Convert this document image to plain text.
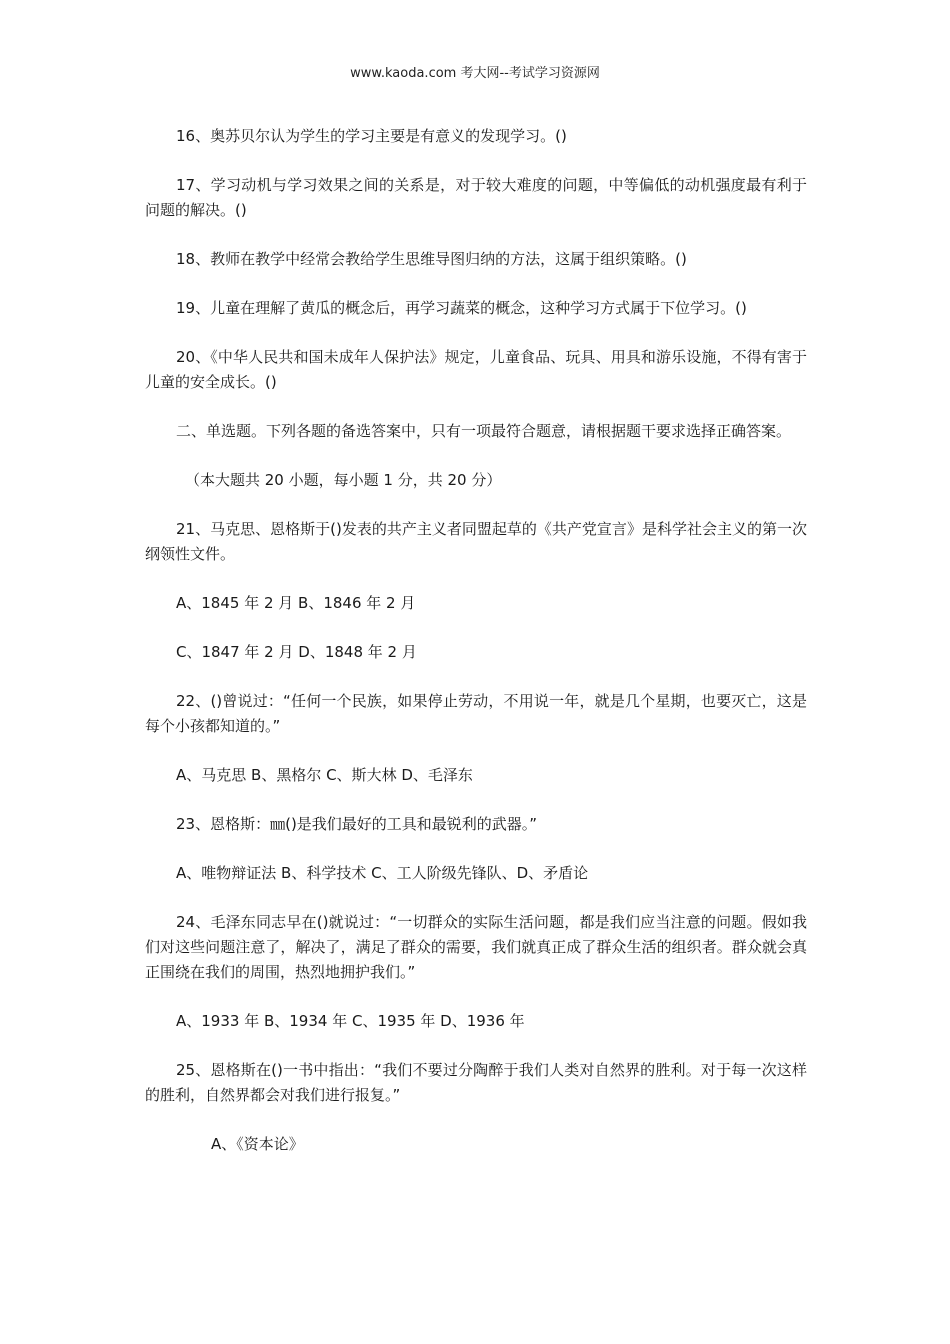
www.kaoda.com 考大网--考试学习资源网

16、奥苏贝尔认为学生的学习主要是有意义的发现学习。()

17、学习动机与学习效果之间的关系是，对于较大难度的问题，中等偏低的动机强度最有利于问题的解决。()

18、教师在教学中经常会教给学生思维导图归纳的方法，这属于组织策略。()

19、儿童在理解了黄瓜的概念后，再学习蔬菜的概念，这种学习方式属于下位学习。()

20、《中华人民共和国未成年人保护法》规定，儿童食品、玩具、用具和游乐设施，不得有害于儿童的安全成长。()

二、单选题。下列各题的备选答案中，只有一项最符合题意，请根据题干要求选择正确答案。

（本大题共 20 小题，每小题 1 分，共 20 分）

21、马克思、恩格斯于()发表的共产主义者同盟起草的《共产党宣言》是科学社会主义的第一次纲领性文件。

A、1845 年 2 月 B、1846 年 2 月

C、1847 年 2 月 D、1848 年 2 月

22、()曾说过：“任何一个民族，如果停止劳动，不用说一年，就是几个星期，也要灭亡，这是每个小孩都知道的。”

A、马克思 B、黑格尔 C、斯大林 D、毛泽东

23、恩格斯：㎜()是我们最好的工具和最锐利的武器。”

A、唯物辩证法 B、科学技术 C、工人阶级先锋队、D、矛盾论

24、毛泽东同志早在()就说过：“一切群众的实际生活问题，都是我们应当注意的问题。假如我们对这些问题注意了，解决了，满足了群众的需要，我们就真正成了群众生活的组织者。群众就会真正围绕在我们的周围，热烈地拥护我们。”

A、1933 年 B、1934 年 C、1935 年 D、1936 年

25、恩格斯在()一书中指出：“我们不要过分陶醉于我们人类对自然界的胜利。对于每一次这样的胜利，自然界都会对我们进行报复。”

A、《资本论》
